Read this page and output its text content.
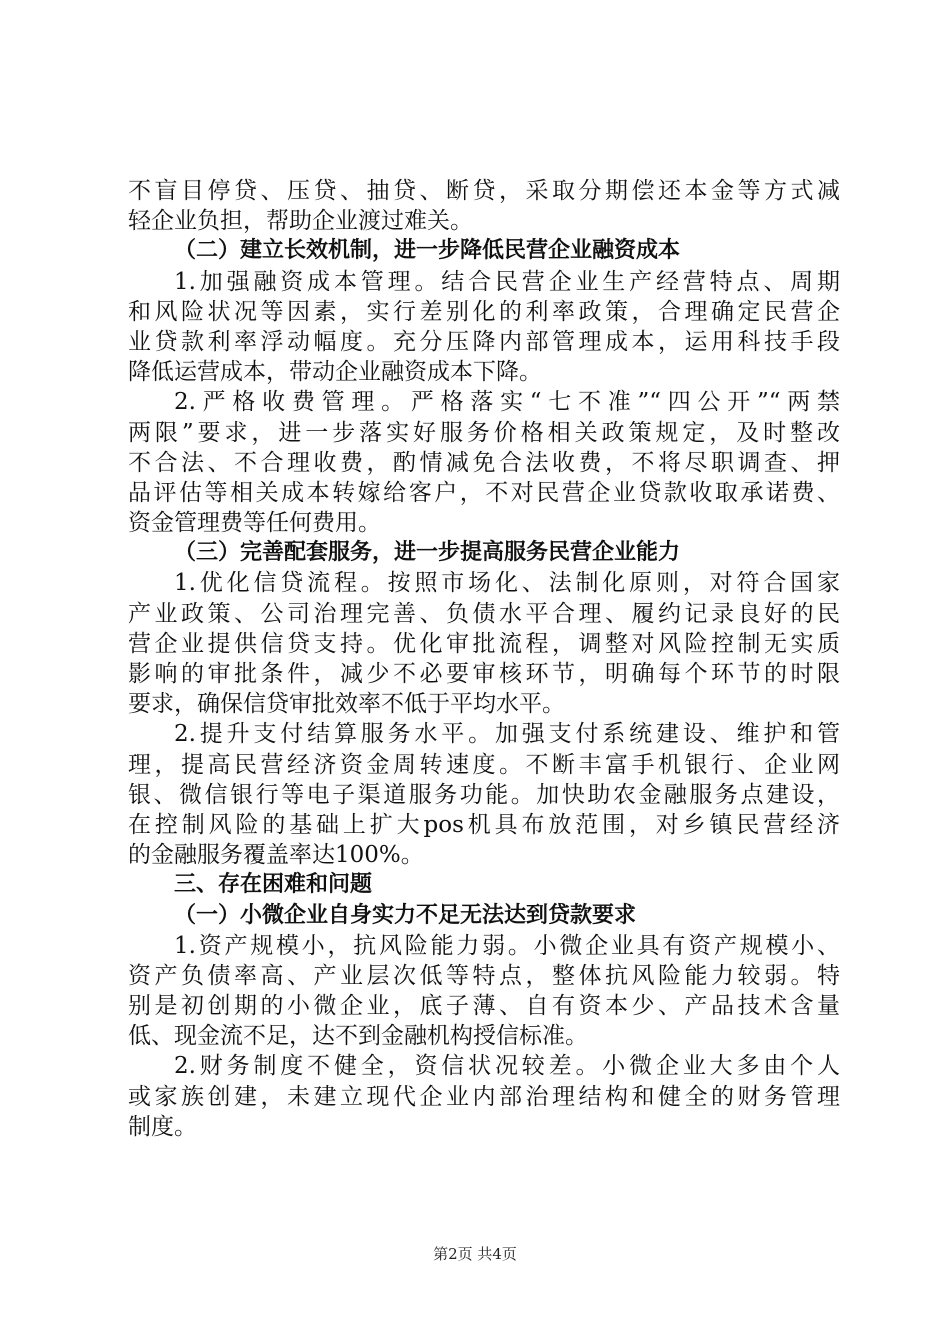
不盲目停贷、压贷、抽贷、断贷，采取分期偿还本金等方式减
轻企业负担，帮助企业渡过难关。
（二）建立长效机制，进一步降低民营企业融资成本
1.加强融资成本管理。结合民营企业生产经营特点、周期
和风险状况等因素，实行差别化的利率政策，合理确定民营企
业贷款利率浮动幅度。充分压降内部管理成本，运用科技手段
降低运营成本，带动企业融资成本下降。
2.严格收费管理。严格落实“七不准”“四公开”“两禁
两限”要求，进一步落实好服务价格相关政策规定，及时整改
不合法、不合理收费，酌情减免合法收费，不将尽职调查、押
品评估等相关成本转嫁给客户，不对民营企业贷款收取承诺费、
资金管理费等任何费用。
（三）完善配套服务，进一步提高服务民营企业能力
1.优化信贷流程。按照市场化、法制化原则，对符合国家
产业政策、公司治理完善、负债水平合理、履约记录良好的民
营企业提供信贷支持。优化审批流程，调整对风险控制无实质
影响的审批条件，减少不必要审核环节，明确每个环节的时限
要求，确保信贷审批效率不低于平均水平。
2.提升支付结算服务水平。加强支付系统建设、维护和管
理，提高民营经济资金周转速度。不断丰富手机银行、企业网
银、微信银行等电子渠道服务功能。加快助农金融服务点建设，
在控制风险的基础上扩大pos机具布放范围，对乡镇民营经济
的金融服务覆盖率达100%。
三、存在困难和问题
（一）小微企业自身实力不足无法达到贷款要求
1.资产规模小，抗风险能力弱。小微企业具有资产规模小、
资产负债率高、产业层次低等特点，整体抗风险能力较弱。特
别是初创期的小微企业，底子薄、自有资本少、产品技术含量
低、现金流不足，达不到金融机构授信标准。
2.财务制度不健全，资信状况较差。小微企业大多由个人
或家族创建，未建立现代企业内部治理结构和健全的财务管理
制度。
第2页 共4页
